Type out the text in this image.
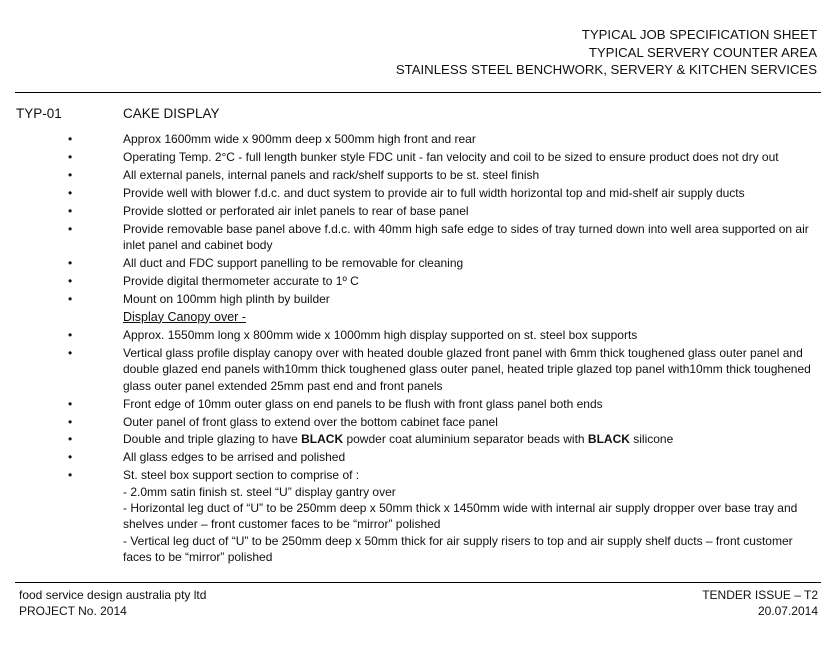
TYPICAL JOB SPECIFICATION SHEET
TYPICAL SERVERY COUNTER AREA
STAINLESS STEEL BENCHWORK, SERVERY & KITCHEN SERVICES
TYP-01	CAKE DISPLAY
• Approx 1600mm wide x 900mm deep x 500mm high front and rear
• Operating Temp. 2°C - full length bunker style FDC unit - fan velocity and coil to be sized to ensure product does not dry out
• All external panels, internal panels and rack/shelf supports to be st. steel finish
• Provide well with blower f.d.c. and duct system to provide air to full width horizontal top and mid-shelf air supply ducts
• Provide slotted or perforated air inlet panels to rear of base panel
• Provide removable base panel above f.d.c. with 40mm high safe edge to sides of tray turned down into well area supported on air inlet panel and cabinet body
• All duct and FDC support panelling to be removable for cleaning
• Provide digital thermometer accurate to 1º C
• Mount on 100mm high plinth by builder
Display Canopy over -
• Approx. 1550mm long x 800mm wide x 1000mm high display supported on st. steel box supports
• Vertical glass profile display canopy over with heated double glazed front panel with 6mm thick toughened glass outer panel and double glazed end panels with10mm thick toughened glass outer panel, heated triple glazed top panel with10mm thick toughened glass outer panel extended 25mm past end and front panels
• Front edge of 10mm outer glass on end panels to be flush with front glass panel both ends
• Outer panel of front glass to extend over the bottom cabinet face panel
• Double and triple glazing to have BLACK powder coat aluminium separator beads with BLACK silicone
• All glass edges to be arrised and polished
• St. steel box support section to comprise of :
- 2.0mm satin finish st. steel “U” display gantry over
- Horizontal leg duct of “U” to be 250mm deep x 50mm thick x 1450mm wide with internal air supply dropper over base tray and shelves under – front customer faces to be “mirror” polished
- Vertical leg duct of “U” to be 250mm deep x 50mm thick for air supply risers to top and air supply shelf ducts – front customer faces to be “mirror” polished
food service design australia pty ltd
PROJECT No. 2014
TENDER ISSUE – T2
20.07.2014
